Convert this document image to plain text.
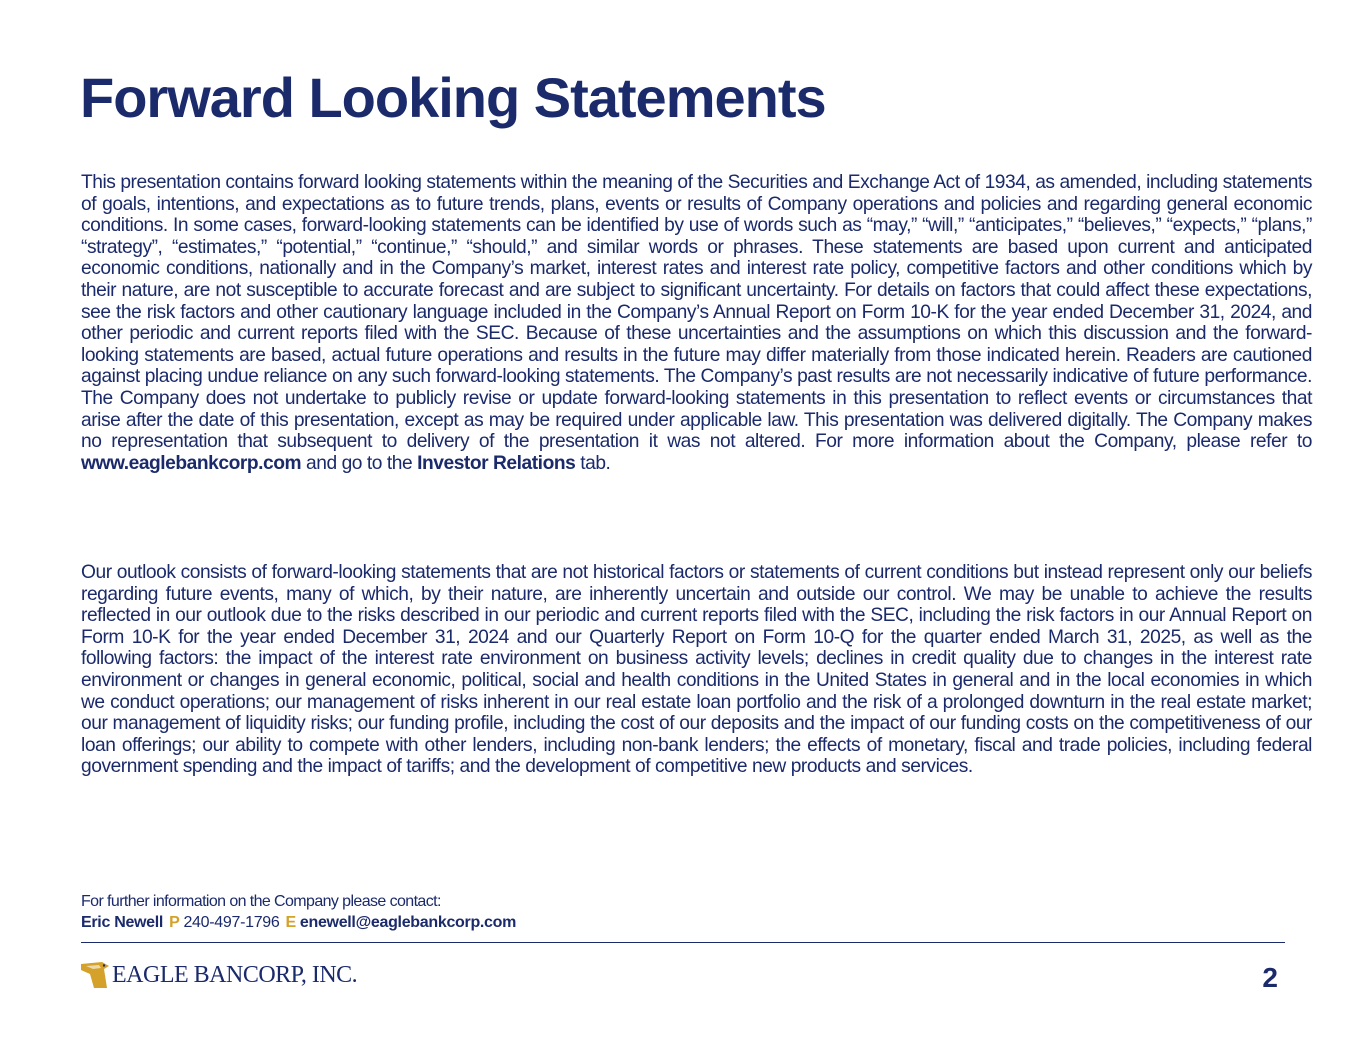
Forward Looking Statements

This presentation contains forward looking statements within the meaning of the Securities and Exchange Act of 1934, as amended, including statements of goals, intentions, and expectations as to future trends, plans, events or results of Company operations and policies and regarding general economic conditions. In some cases, forward-looking statements can be identified by use of words such as “may,” “will,” “anticipates,” “believes,” “expects,” “plans,” “strategy”, “estimates,” “potential,” “continue,” “should,” and similar words or phrases. These statements are based upon current and anticipated economic conditions, nationally and in the Company’s market, interest rates and interest rate policy, competitive factors and other conditions which by their nature, are not susceptible to accurate forecast and are subject to significant uncertainty. For details on factors that could affect these expectations, see the risk factors and other cautionary language included in the Company’s Annual Report on Form 10-K for the year ended December 31, 2024, and other periodic and current reports filed with the SEC. Because of these uncertainties and the assumptions on which this discussion and the forward-looking statements are based, actual future operations and results in the future may differ materially from those indicated herein. Readers are cautioned against placing undue reliance on any such forward-looking statements. The Company’s past results are not necessarily indicative of future performance. The Company does not undertake to publicly revise or update forward-looking statements in this presentation to reflect events or circumstances that arise after the date of this presentation, except as may be required under applicable law. This presentation was delivered digitally. The Company makes no representation that subsequent to delivery of the presentation it was not altered. For more information about the Company, please refer to www.eaglebankcorp.com and go to the Investor Relations tab.

Our outlook consists of forward-looking statements that are not historical factors or statements of current conditions but instead represent only our beliefs regarding future events, many of which, by their nature, are inherently uncertain and outside our control. We may be unable to achieve the results reflected in our outlook due to the risks described in our periodic and current reports filed with the SEC, including the risk factors in our Annual Report on Form 10-K for the year ended December 31, 2024 and our Quarterly Report on Form 10-Q for the quarter ended March 31, 2025, as well as the following factors: the impact of the interest rate environment on business activity levels; declines in credit quality due to changes in the interest rate environment or changes in general economic, political, social and health conditions in the United States in general and in the local economies in which we conduct operations; our management of risks inherent in our real estate loan portfolio and the risk of a prolonged downturn in the real estate market; our management of liquidity risks; our funding profile, including the cost of our deposits and the impact of our funding costs on the competitiveness of our loan offerings; our ability to compete with other lenders, including non-bank lenders; the effects of monetary, fiscal and trade policies, including federal government spending and the impact of tariffs; and the development of competitive new products and services.

For further information on the Company please contact:
Eric Newell P 240-497-1796 E enewell@eaglebankcorp.com
EAGLE BANCORP, INC.	2
